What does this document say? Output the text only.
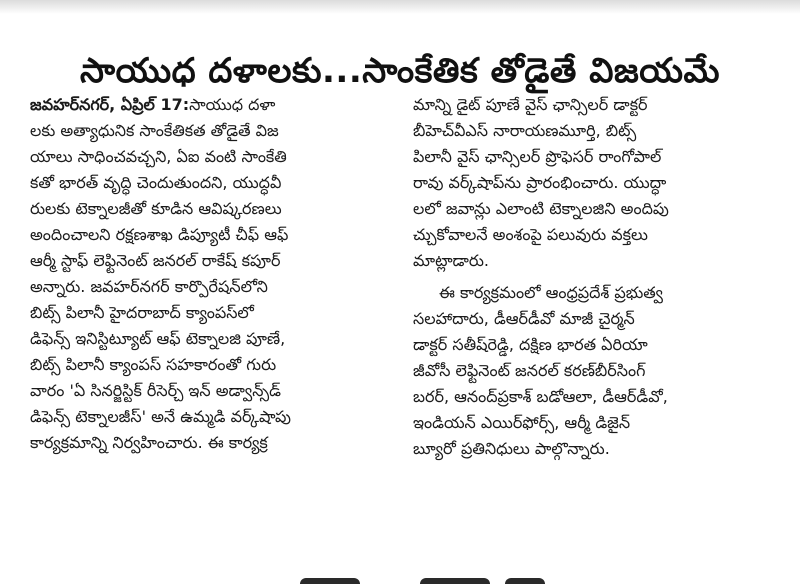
సాయుధ దళాలకు...సాంకేతిక తోడైతే విజయమే
జవహర్‌నగర్, ఏప్రిల్ 17:సాయుధ దళా
లకు అత్యాధునిక సాంకేతికత తోడైతే విజ
యాలు సాధించవచ్చని, ఏఐ వంటి సాంకేతి
కతో భారత్ వృద్ధి చెందుతుందని, యుద్ధవీ
రులకు టెక్నాలజీతో కూడిన ఆవిష్కరణలు
అందించాలని రక్షణశాఖ డిప్యూటీ చీఫ్ ఆఫ్
ఆర్మీ స్టాఫ్ లెఫ్టినెంట్ జనరల్ రాకేష్ కపూర్
అన్నారు. జవహర్‌నగర్ కార్పొరేషన్‌లోని
బిట్స్ పిలానీ హైదరాబాద్ క్యాంపస్‌లో
డిఫెన్స్ ఇనిస్టిట్యూట్ ఆఫ్ టెక్నాలజి పూణే,
బిట్స్ పిలానీ క్యాంపస్ సహకారంతో గురు
వారం 'ఏ సినర్జిస్టిక్ రీసెర్చ్ ఇన్ అడ్వాన్స్‌డ్
డిఫెన్స్ టెక్నాలజీస్' అనే ఉమ్మడి వర్క్‌షాపు
కార్యక్రమాన్ని నిర్వహించారు. ఈ కార్యక్ర
మాన్ని డైట్ పూణే వైస్ ఛాన్సిలర్ డాక్టర్
బీహెచ్‌వీఎస్ నారాయణమూర్తి, బిట్స్
పిలానీ వైస్ ఛాన్సిలర్ ప్రొఫెసర్ రాంగోపాల్
రావు వర్క్‌షాప్‌ను ప్రారంభించారు. యుద్ధా
లలో జవాన్లు ఎలాంటి టెక్నాలజిని అందిపు
చ్చుకోవాలనే అంశంపై పలువురు వక్తలు
మాట్లాడారు.
ఈ కార్యక్రమంలో ఆంధ్రప్రదేశ్ ప్రభుత్వ
సలహాదారు, డీఆర్‌డీవో మాజీ చైర్మన్
డాక్టర్ సతీష్‌రెడ్డి, దక్షిణ భారత ఏరియా
జీవోసీ లెఫ్టినెంట్ జనరల్ కరణ్‌బీర్‌సింగ్
బరర్, ఆనంద్‌ప్రకాశ్ బడోఆలా, డీఆర్‌డీవో,
ఇండియన్ ఎయిర్‌ఫోర్స్, ఆర్మీ డిజైన్
బ్యూరో ప్రతినిధులు పాల్గొన్నారు.
